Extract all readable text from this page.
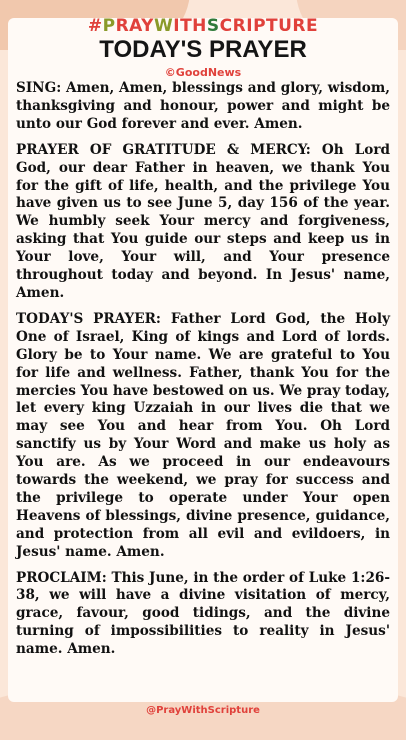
#PRAYWITHSCRIPTURE
TODAY'S PRAYER
©GoodNews

SING: Amen, Amen, blessings and glory, wisdom, thanksgiving and honour, power and might be unto our God forever and ever. Amen.

PRAYER OF GRATITUDE & MERCY: Oh Lord God, our dear Father in heaven, we thank You for the gift of life, health, and the privilege You have given us to see June 5, day 156 of the year. We humbly seek Your mercy and forgiveness, asking that You guide our steps and keep us in Your love, Your will, and Your presence throughout today and beyond. In Jesus' name, Amen.

TODAY'S PRAYER: Father Lord God, the Holy One of Israel, King of kings and Lord of lords. Glory be to Your name. We are grateful to You for life and wellness. Father, thank You for the mercies You have bestowed on us. We pray today, let every king Uzzaiah in our lives die that we may see You and hear from You. Oh Lord sanctify us by Your Word and make us holy as You are. As we proceed in our endeavours towards the weekend, we pray for success and the privilege to operate under Your open Heavens of blessings, divine presence, guidance, and protection from all evil and evildoers, in Jesus' name. Amen.

PROCLAIM: This June, in the order of Luke 1:26-38, we will have a divine visitation of mercy, grace, favour, good tidings, and the divine turning of impossibilities to reality in Jesus' name. Amen.

@PrayWithScripture
